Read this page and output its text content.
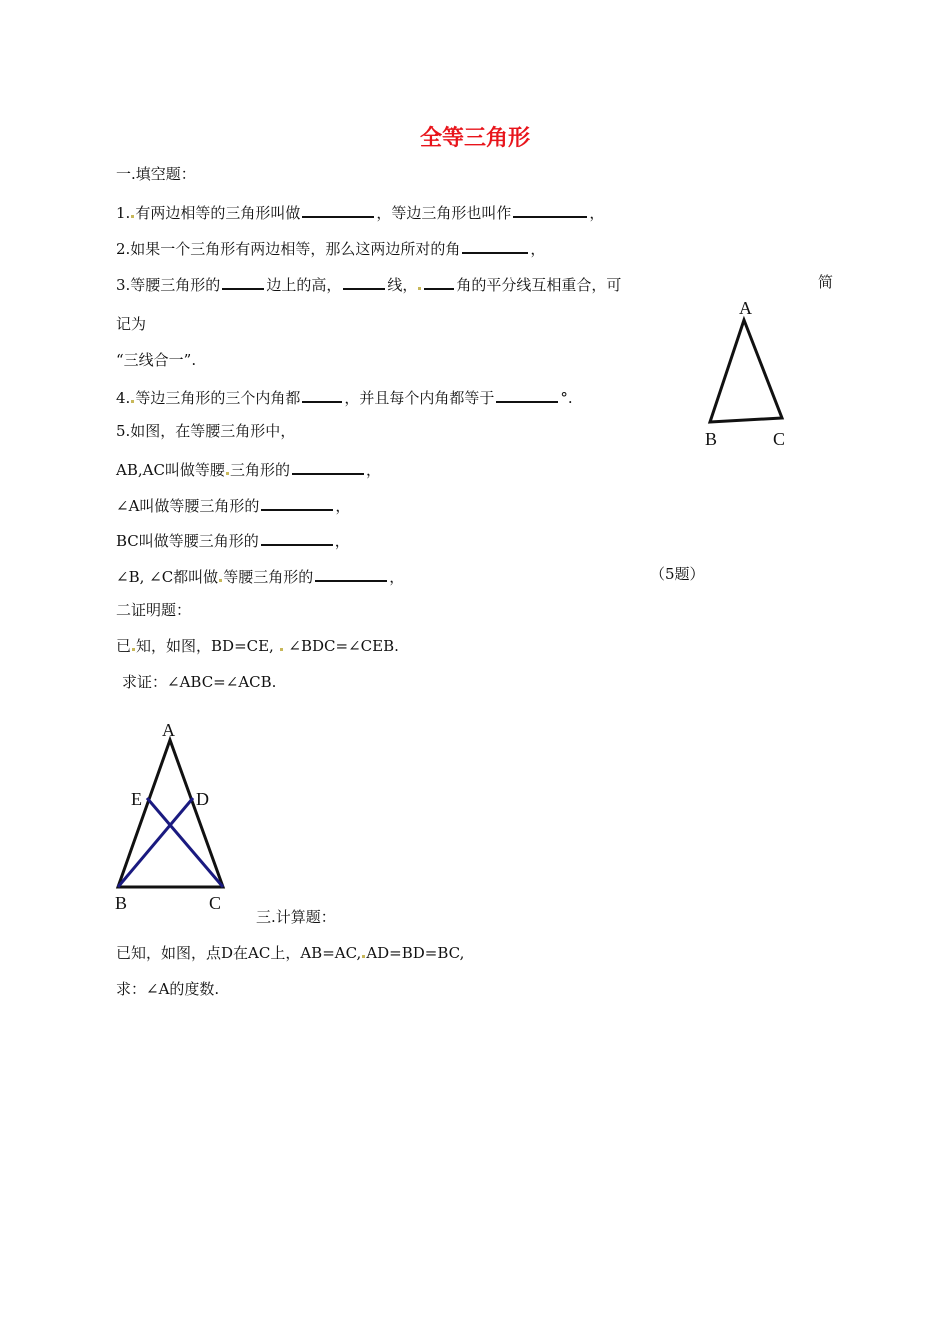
全等三角形
一.填空题：
1. 有两边相等的三角形叫做	，等边三角形也叫作	，
2.如果一个三角形有两边相等，那么这两边所对的角	，
3.等腰三角形的	边上的高，	线，	角的平分线互相重合，可	简
记为
“三线合一”.
4. 等边三角形的三个内角都	，并且每个内角都等于	°.
5.如图，在等腰三角形中，
AB,AC叫做等腰 三角形的	，
∠A叫做等腰三角形的	，
BC叫做等腰三角形的	，
∠B, ∠C都叫做 等腰三角形的	，	（5题）
A
B	C
二证明题：
已 知，如图，BD=CE, ∠BDC=∠CEB.
求证：∠ABC=∠ACB.
A
D
E
B	C
三.计算题：
已知，如图，点D在AC上，AB=AC, AD=BD=BC,
求：∠A的度数.
